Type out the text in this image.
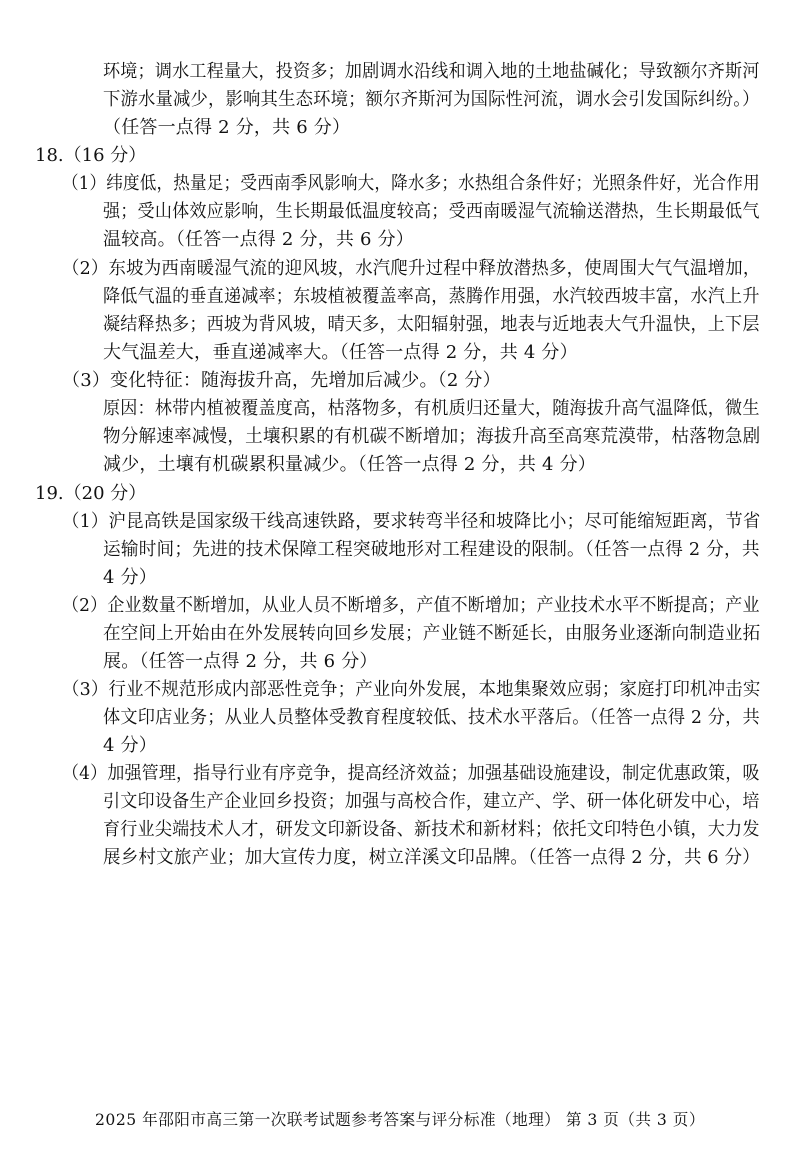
环境；调水工程量大，投资多；加剧调水沿线和调入地的土地盐碱化；导致额尔齐斯河
下游水量减少，影响其生态环境；额尔齐斯河为国际性河流，调水会引发国际纠纷。）
（任答一点得 2 分，共 6 分）
18.（16 分）
（1）纬度低，热量足；受西南季风影响大，降水多；水热组合条件好；光照条件好，光合作用
强；受山体效应影响，生长期最低温度较高；受西南暖湿气流输送潜热，生长期最低气
温较高。（任答一点得 2 分，共 6 分）
（2）东坡为西南暖湿气流的迎风坡，水汽爬升过程中释放潜热多，使周围大气气温增加，
降低气温的垂直递减率；东坡植被覆盖率高，蒸腾作用强，水汽较西坡丰富，水汽上升
凝结释热多；西坡为背风坡，晴天多，太阳辐射强，地表与近地表大气升温快，上下层
大气温差大，垂直递减率大。（任答一点得 2 分，共 4 分）
（3）变化特征：随海拔升高，先增加后减少。（2 分）
原因：林带内植被覆盖度高，枯落物多，有机质归还量大，随海拔升高气温降低，微生
物分解速率减慢，土壤积累的有机碳不断增加；海拔升高至高寒荒漠带，枯落物急剧
减少，土壤有机碳累积量减少。（任答一点得 2 分，共 4 分）
19.（20 分）
（1）沪昆高铁是国家级干线高速铁路，要求转弯半径和坡降比小；尽可能缩短距离，节省
运输时间；先进的技术保障工程突破地形对工程建设的限制。（任答一点得 2 分，共
4 分）
（2）企业数量不断增加，从业人员不断增多，产值不断增加；产业技术水平不断提高；产业
在空间上开始由在外发展转向回乡发展；产业链不断延长，由服务业逐渐向制造业拓
展。（任答一点得 2 分，共 6 分）
（3）行业不规范形成内部恶性竞争；产业向外发展，本地集聚效应弱；家庭打印机冲击实
体文印店业务；从业人员整体受教育程度较低、技术水平落后。（任答一点得 2 分，共
4 分）
（4）加强管理，指导行业有序竞争，提高经济效益；加强基础设施建设，制定优惠政策，吸
引文印设备生产企业回乡投资；加强与高校合作，建立产、学、研一体化研发中心，培
育行业尖端技术人才，研发文印新设备、新技术和新材料；依托文印特色小镇，大力发
展乡村文旅产业；加大宣传力度，树立洋溪文印品牌。（任答一点得 2 分，共 6 分）
2025 年邵阳市高三第一次联考试题参考答案与评分标准（地理） 第 3 页（共 3 页）
